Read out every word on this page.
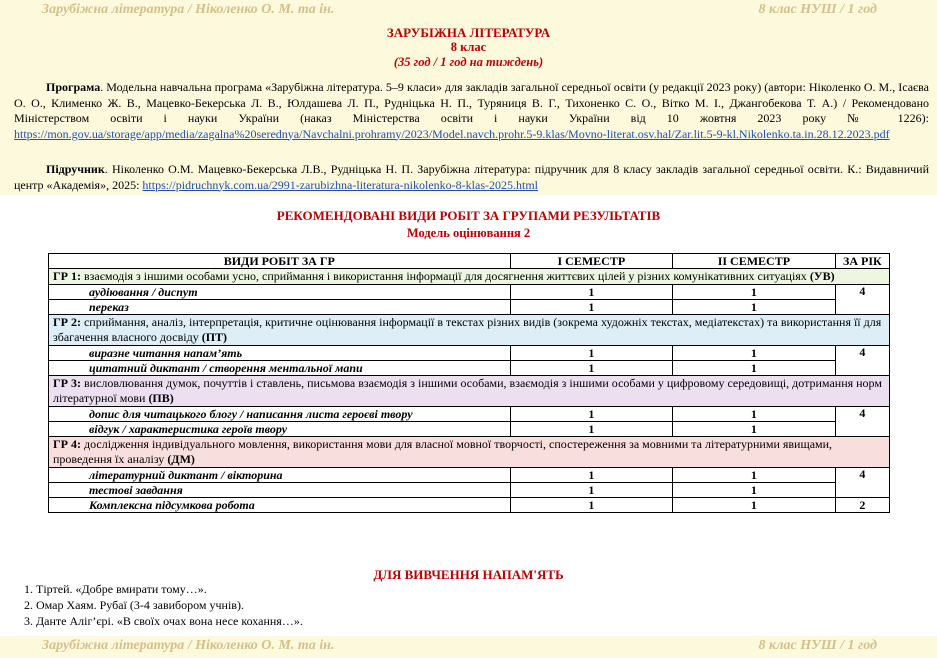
Зарубіжна література / Ніколенко О. М. та ін.	8 клас НУШ / 1 год
ЗАРУБІЖНА ЛІТЕРАТУРА
8 клас
(35 год / 1 год на тиждень)
Програма. Модельна навчальна програма «Зарубіжна література. 5–9 класи» для закладів загальної середньої освіти (у редакції 2023 року) (автори: Ніколенко О. М., Ісаєва О. О., Клименко Ж. В., Мацевко-Бекерська Л. В., Юлдашева Л. П., Рудніцька Н. П., Туряниця В. Г., Тихоненко С. О., Вітко М. І., Джангобекова Т. А.) / Рекомендовано Міністерством освіти і науки України (наказ Міністерства освіти і науки України від 10 жовтня 2023 року № 1226): https://mon.gov.ua/storage/app/media/zagalna%20serednya/Navchalni.prohramy/2023/Model.navch.prohr.5-9.klas/Movno-literat.osv.hal/Zar.lit.5-9-kl.Nikolenko.ta.in.28.12.2023.pdf
Підручник. Ніколенко О.М. Мацевко-Бекерська Л.В., Рудніцька Н. П. Зарубіжна література: підручник для 8 класу закладів загальної середньої освіти. К.: Видавничий центр «Академія», 2025: https://pidruchnyk.com.ua/2991-zarubizhna-literatura-nikolenko-8-klas-2025.html
РЕКОМЕНДОВАНІ ВИДИ РОБІТ ЗА ГРУПАМИ РЕЗУЛЬТАТІВ
Модель оцінювання 2
ВИДИ РОБІТ ЗА ГР	І СЕМЕСТР	ІІ СЕМЕСТР	ЗА РІК
ГР 1: взаємодія з іншими особами усно, сприймання і використання інформації для досягнення життєвих цілей у різних комунікативних ситуаціях (УВ)			
аудіювання / диспут	1	1	4
переказ	1	1	
ГР 2: сприймання, аналіз, інтерпретація, критичне оцінювання інформації в текстах різних видів (зокрема художніх текстах, медіатекстах) та використання її для збагачення власного досвіду (ПТ)			
виразне читання напам’ять	1	1	4
цитатний диктант / створення ментальної мапи	1	1	
ГР 3: висловлювання думок, почуттів і ставлень, письмова взаємодія з іншими особами, взаємодія з іншими особами у цифровому середовищі, дотримання норм літературної мови (ПВ)			
допис для читацького блогу / написання листа героєві твору	1	1	4
відгук / характеристика героїв твору	1	1	
ГР 4: дослідження індивідуального мовлення, використання мови для власної мовної творчості, спостереження за мовними та літературними явищами, проведення їх аналізу (ДМ)			
літературний диктант / вікторина	1	1	4
тестові завдання	1	1	
Комплексна підсумкова робота	1	1	2
ДЛЯ ВИВЧЕННЯ НАПАМ'ЯТЬ
1. Тіртей. «Добре вмирати тому…».
2. Омар Хаям. Рубаї (3-4 завибором учнів).
3. Данте Аліг’єрі. «В своїх очах вона несе кохання…».
Зарубіжна література / Ніколенко О. М. та ін.	8 клас НУШ / 1 год
